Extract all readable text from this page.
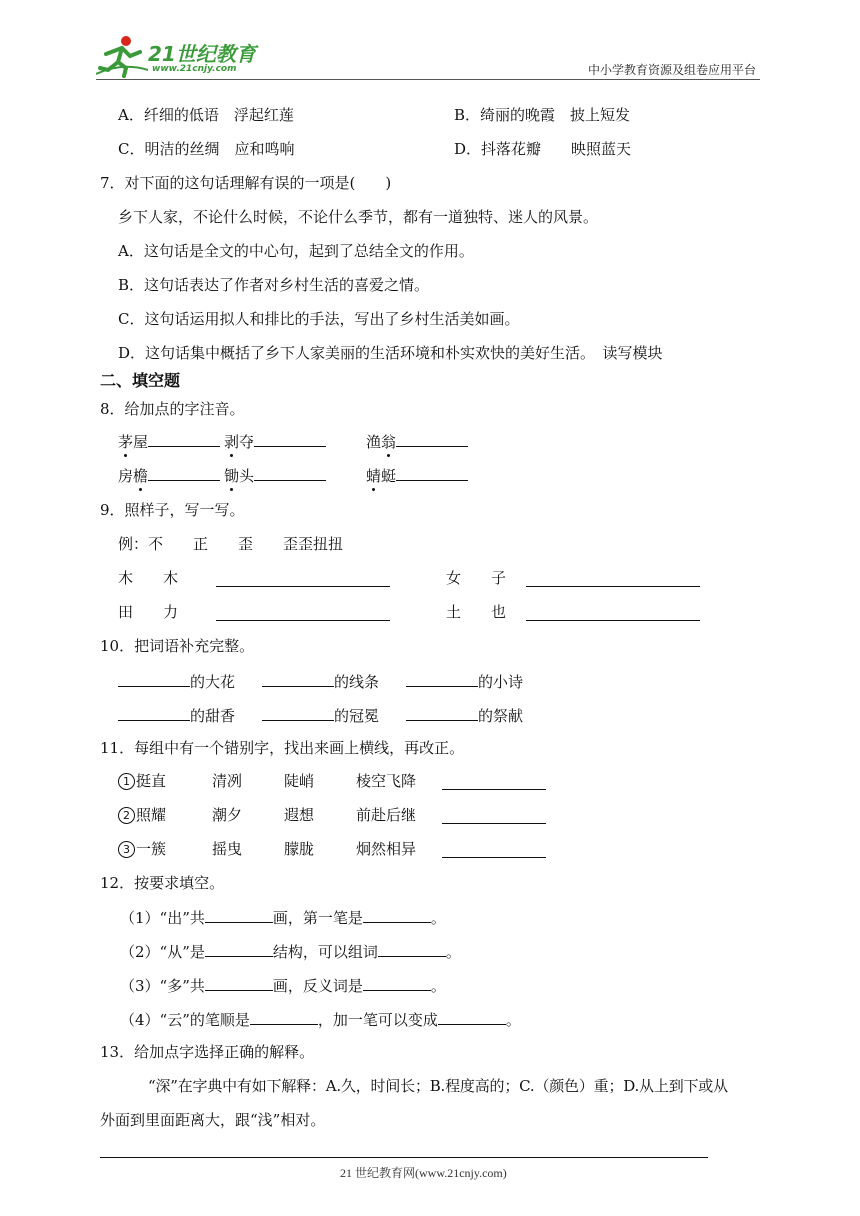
21世纪教育
www.21cnjy.com	中小学教育资源及组卷应用平台
A．纤细的低语　浮起红莲	B．绮丽的晚霞　披上短发
C．明洁的丝绸　应和鸣响	D．抖落花瓣　　映照蓝天
7．对下面的这句话理解有误的一项是(　　)
乡下人家，不论什么时候，不论什么季节，都有一道独特、迷人的风景。
A．这句话是全文的中心句，起到了总结全文的作用。
B．这句话表达了作者对乡村生活的喜爱之情。
C．这句话运用拟人和排比的手法，写出了乡村生活美如画。
D．这句话集中概括了乡下人家美丽的生活环境和朴实欢快的美好生活。　读写模块
二、填空题
8．给加点的字注音。
茅屋	剥夺	渔翁
房檐	锄头	蜻蜓
9．照样子，写一写。
例：不　　正　　歪　　歪歪扭扭
木　　木	女　　子
田　　力	土　　也
10．把词语补充完整。
的大花	的线条	的小诗
的甜香	的冠冕	的祭献
11．每组中有一个错别字，找出来画上横线，再改正。
1 挺直	清冽	陡峭	棱空飞降
2 照耀	潮夕	遐想	前赴后继
3 一簇	摇曳	朦胧	炯然相异
12．按要求填空。
（1）“出”共	画，第一笔是	。
（2）“从”是	结构，可以组词	。
（3）“多”共	画，反义词是	。
（4）“云”的笔顺是	，加一笔可以变成	。
13．给加点字选择正确的解释。
“深”在字典中有如下解释：A.久，时间长；B.程度高的；C.（颜色）重；D.从上到下或从
外面到里面距离大，跟“浅”相对。
21 世纪教育网(www.21cnjy.com)
